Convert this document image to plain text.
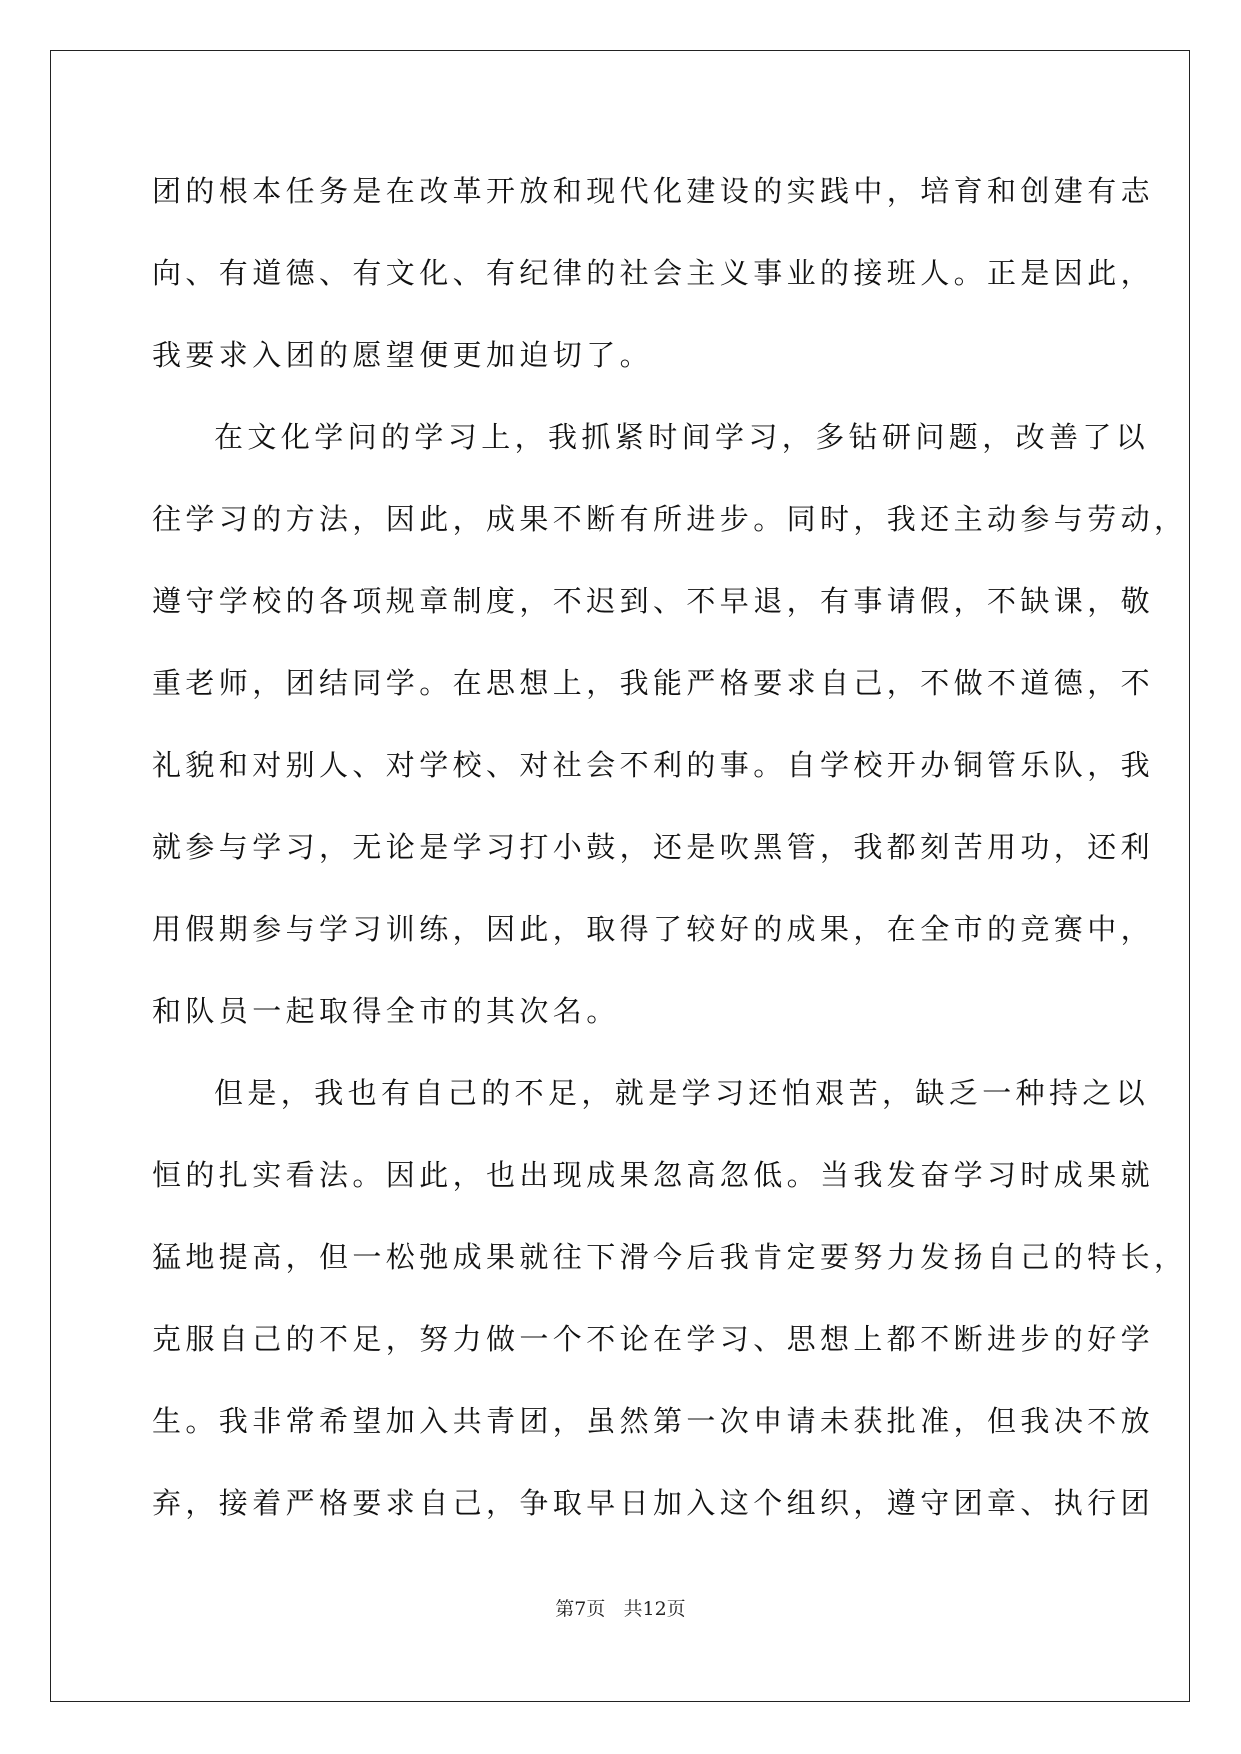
团的根本任务是在改革开放和现代化建设的实践中，培育和创建有志
向、有道德、有文化、有纪律的社会主义事业的接班人。正是因此，
我要求入团的愿望便更加迫切了。
在文化学问的学习上，我抓紧时间学习，多钻研问题，改善了以
往学习的方法，因此，成果不断有所进步。同时，我还主动参与劳动，
遵守学校的各项规章制度，不迟到、不早退，有事请假，不缺课，敬
重老师，团结同学。在思想上，我能严格要求自己，不做不道德，不
礼貌和对别人、对学校、对社会不利的事。自学校开办铜管乐队，我
就参与学习，无论是学习打小鼓，还是吹黑管，我都刻苦用功，还利
用假期参与学习训练，因此，取得了较好的成果，在全市的竞赛中，
和队员一起取得全市的其次名。
但是，我也有自己的不足，就是学习还怕艰苦，缺乏一种持之以
恒的扎实看法。因此，也出现成果忽高忽低。当我发奋学习时成果就
猛地提高，但一松弛成果就往下滑今后我肯定要努力发扬自己的特长，
克服自己的不足，努力做一个不论在学习、思想上都不断进步的好学
生。我非常希望加入共青团，虽然第一次申请未获批准，但我决不放
弃，接着严格要求自己，争取早日加入这个组织，遵守团章、执行团
第7页   共12页
